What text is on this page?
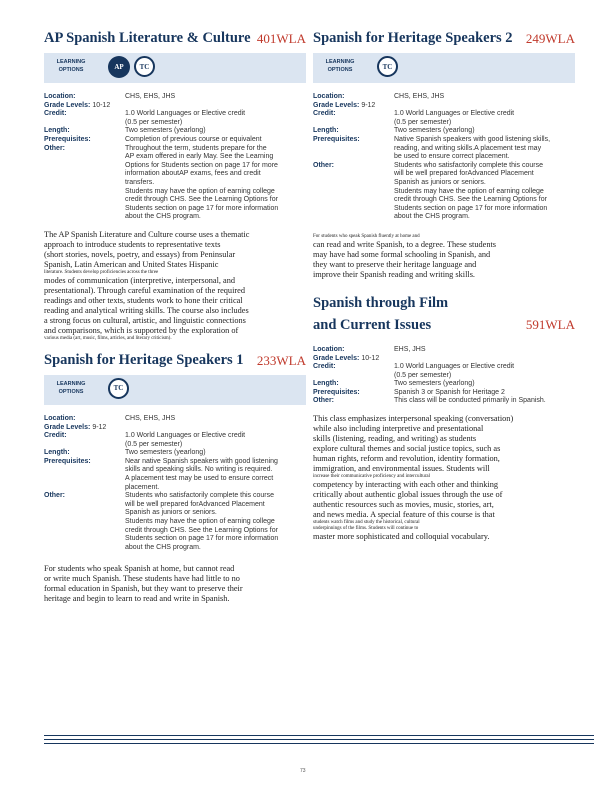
AP Spanish Literature & Culture 401WLA
LEARNING
OPTIONS	AP	TC
Location:	CHS, EHS, JHS
Grade Levels: 10-12
Credit:	1.0 World Languages or Elective credit
(0.5 per semester)
Length:	Two semesters (yearlong)
Prerequisites:	Completion of previous course or equivalent
Other:	Throughout the term, students prepare for the
AP exam offered in early May. See the Learning
Options for Students section on page 17 for more
information aboutAP exams, fees and credit
transfers.
Students may have the option of earning college
credit through CHS. See the Learning Options for
Students section on page 17 for more information
about the CHS program.
The AP Spanish Literature and Culture course uses a thematic
approach to introduce students to representative texts
(short stories, novels, poetry, and essays) from Peninsular
Spanish, Latin American and United States Hispanic
literature. Students develop proficiencies across the three
modes of communication (interpretive, interpersonal, and
presentational). Through careful examination of the required
readings and other texts, students work to hone their critical
reading and analytical writing skills. The course also includes
a strong focus on cultural, artistic, and linguistic connections
and comparisons, which is supported by the exploration of
various media (art, music, films, articles, and literary criticism).
Spanish for Heritage Speakers 1 233WLA
LEARNING
OPTIONS	TC
Location:	CHS, EHS, JHS
Grade Levels: 9-12
Credit:	1.0 World Languages or Elective credit
(0.5 per semester)
Length:	Two semesters (yearlong)
Prerequisites:	Near native Spanish speakers with good listening
skills and speaking skills. No writing is required.
A placement test may be used to ensure correct
placement.
Other:	Students who satisfactorily complete this course
will be well prepared forAdvanced Placement
Spanish as juniors or seniors.
Students may have the option of earning college
credit through CHS. See the Learning Options for
Students section on page 17 for more information
about the CHS program.
For students who speak Spanish at home, but cannot read
or write much Spanish. These students have had little to no
formal education in Spanish, but they want to preserve their
heritage and begin to learn to read and write in Spanish.
Spanish for Heritage Speakers 2 249WLA
LEARNING
OPTIONS	TC
Location:	CHS, EHS, JHS
Grade Levels: 9-12
Credit:	1.0 World Languages or Elective credit
(0.5 per semester)
Length:	Two semesters (yearlong)
Prerequisites:	Native Spanish speakers with good listening skills,
reading, and writing skills.A placement test may
be used to ensure correct placement.
Other:	Students who satisfactorily complete this course
will be well prepared forAdvanced Placement
Spanish as juniors or seniors.
Students may have the option of earning college
credit through CHS. See the Learning Options for
Students section on page 17 for more information
about the CHS program.
For students who speak Spanish fluently at home and
can read and write Spanish, to a degree. These students
may have had some formal schooling in Spanish, and
they want to preserve their heritage language and
improve their Spanish reading and writing skills.
Spanish through Film
and Current Issues	591WLA
Location:	EHS, JHS
Grade Levels: 10-12
Credit:	1.0 World Languages or Elective credit
(0.5 per semester)
Length:	Two semesters (yearlong)
Prerequisites:	Spanish 3 or Spanish for Heritage 2
Other:	This class will be conducted primarily in Spanish.
This class emphasizes interpersonal speaking (conversation)
while also including interpretive and presentational
skills (listening, reading, and writing) as students
explore cultural themes and social justice topics, such as
human rights, reform and revolution, identity formation,
immigration, and environmental issues. Students will
increase their communicative proficiency and intercultural
competency by interacting with each other and thinking
critically about authentic global issues through the use of
authentic resources such as movies, music, stories, art,
and news media. A special feature of this course is that
students watch films and study the historical, cultural
underpinnings of the films. Students will continue to
master more sophisticated and colloquial vocabulary.
73
